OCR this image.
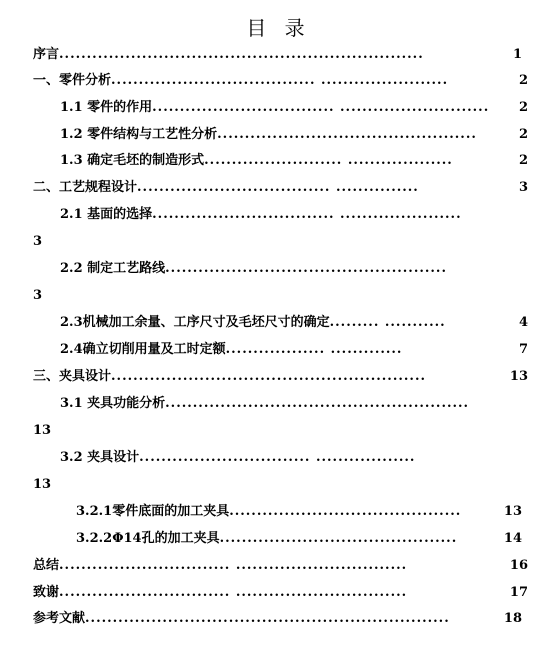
目 录
序言..................................................................	1
一、零件分析..................................... .......................	2
1.1 零件的作用................................. ........................... 2
1.2 零件结构与工艺性分析...............................................	2
1.3 确定毛坯的制造形式......................... ...................	2
二、工艺规程设计................................... ...............	3
2.1 基面的选择................................. ......................
3
2.2 制定工艺路线...................................................
3
2.3机械加工余量、工序尺寸及毛坯尺寸的确定......... ...........	4
2.4确立切削用量及工时定额.................. .............	7
三、夹具设计.........................................................	13
3.1 夹具功能分析.......................................................
13
3.2 夹具设计............................... ..................
13
3.2.1零件底面的加工夹具..........................................	13
3.2.2Φ14孔的加工夹具...........................................	14
总结............................... ...............................	16
致谢............................... ...............................	17
参考文献..................................................................	18
